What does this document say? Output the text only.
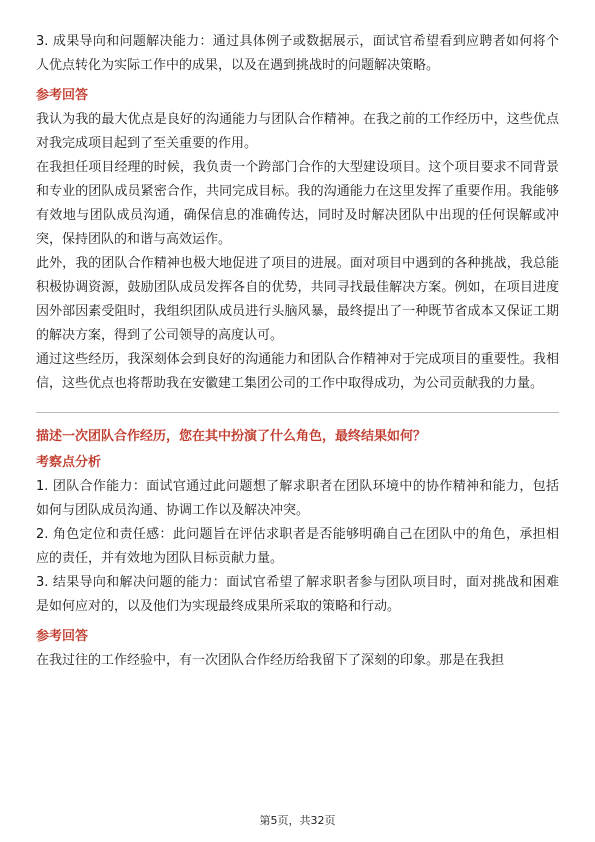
3. 成果导向和问题解决能力：通过具体例子或数据展示，面试官希望看到应聘者如何将个人优点转化为实际工作中的成果，以及在遇到挑战时的问题解决策略。

参考回答

我认为我的最大优点是良好的沟通能力与团队合作精神。在我之前的工作经历中，这些优点对我完成项目起到了至关重要的作用。

在我担任项目经理的时候，我负责一个跨部门合作的大型建设项目。这个项目要求不同背景和专业的团队成员紧密合作，共同完成目标。我的沟通能力在这里发挥了重要作用。我能够有效地与团队成员沟通，确保信息的准确传达，同时及时解决团队中出现的任何误解或冲突，保持团队的和谐与高效运作。

此外，我的团队合作精神也极大地促进了项目的进展。面对项目中遇到的各种挑战，我总能积极协调资源，鼓励团队成员发挥各自的优势，共同寻找最佳解决方案。例如，在项目进度因外部因素受阻时，我组织团队成员进行头脑风暴，最终提出了一种既节省成本又保证工期的解决方案，得到了公司领导的高度认可。

通过这些经历，我深刻体会到良好的沟通能力和团队合作精神对于完成项目的重要性。我相信，这些优点也将帮助我在安徽建工集团公司的工作中取得成功，为公司贡献我的力量。

描述一次团队合作经历，您在其中扮演了什么角色，最终结果如何？
考察点分析

1. 团队合作能力：面试官通过此问题想了解求职者在团队环境中的协作精神和能力，包括如何与团队成员沟通、协调工作以及解决冲突。

2. 角色定位和责任感：此问题旨在评估求职者是否能够明确自己在团队中的角色，承担相应的责任，并有效地为团队目标贡献力量。

3. 结果导向和解决问题的能力：面试官希望了解求职者参与团队项目时，面对挑战和困难是如何应对的，以及他们为实现最终成果所采取的策略和行动。

参考回答

在我过往的工作经验中，有一次团队合作经历给我留下了深刻的印象。那是在我担

第5页，共32页
